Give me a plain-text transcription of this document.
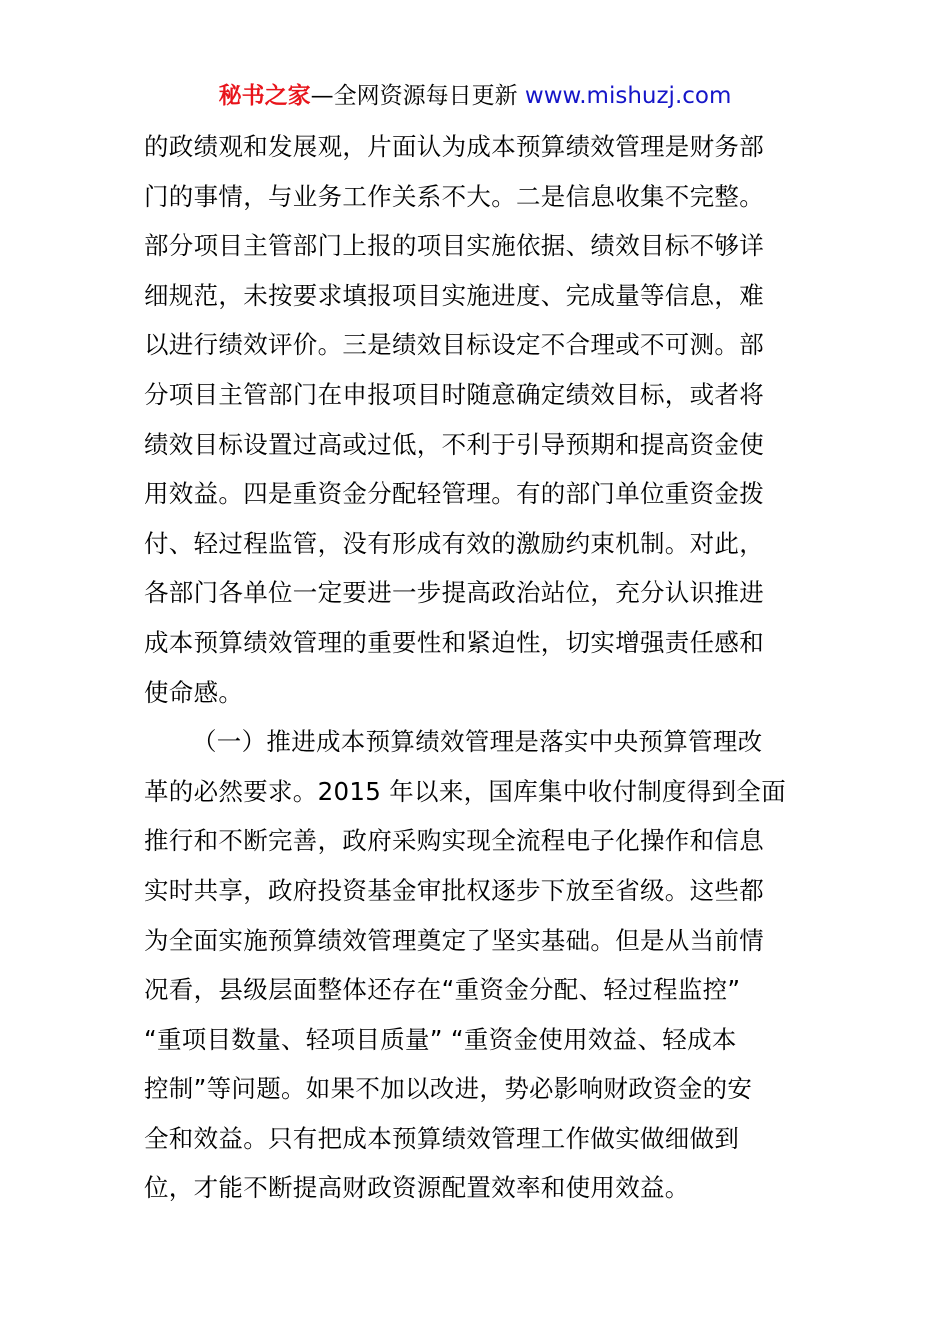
秘书之家—全网资源每日更新 www.mishuzj.com
的政绩观和发展观，片面认为成本预算绩效管理是财务部
门的事情，与业务工作关系不大。二是信息收集不完整。
部分项目主管部门上报的项目实施依据、绩效目标不够详
细规范，未按要求填报项目实施进度、完成量等信息，难
以进行绩效评价。三是绩效目标设定不合理或不可测。部
分项目主管部门在申报项目时随意确定绩效目标，或者将
绩效目标设置过高或过低，不利于引导预期和提高资金使
用效益。四是重资金分配轻管理。有的部门单位重资金拨
付、轻过程监管，没有形成有效的激励约束机制。对此，
各部门各单位一定要进一步提高政治站位，充分认识推进
成本预算绩效管理的重要性和紧迫性，切实增强责任感和
使命感。
（一）推进成本预算绩效管理是落实中央预算管理改
革的必然要求。2015 年以来，国库集中收付制度得到全面
推行和不断完善，政府采购实现全流程电子化操作和信息
实时共享，政府投资基金审批权逐步下放至省级。这些都
为全面实施预算绩效管理奠定了坚实基础。但是从当前情
况看，县级层面整体还存在“重资金分配、轻过程监控”
“重项目数量、轻项目质量” “重资金使用效益、轻成本
控制”等问题。如果不加以改进，势必影响财政资金的安
全和效益。只有把成本预算绩效管理工作做实做细做到
位，才能不断提高财政资源配置效率和使用效益。
